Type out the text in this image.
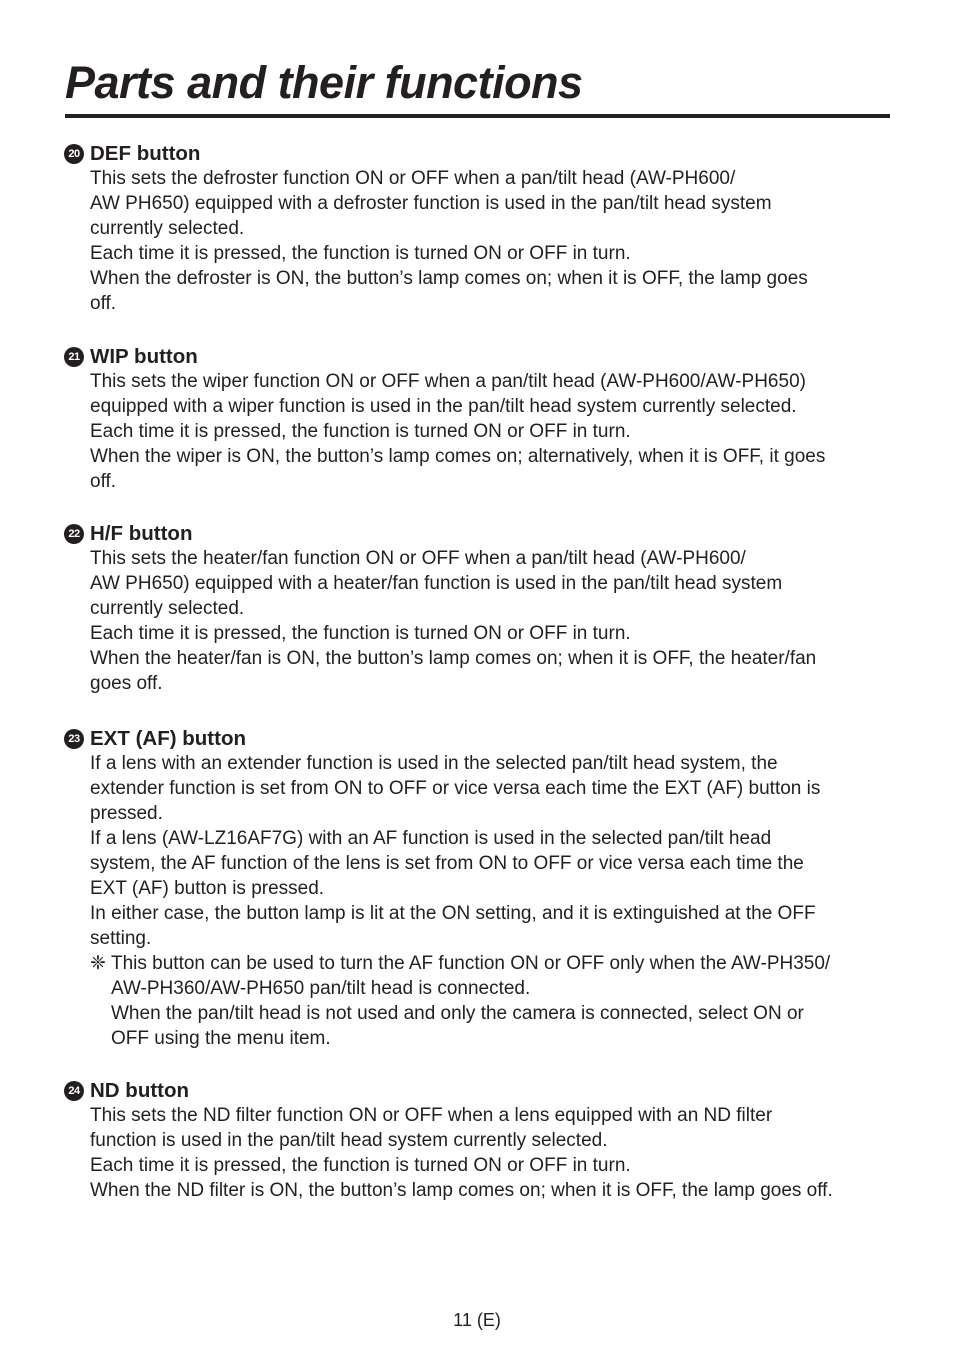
Parts and their functions
20 DEF button

This sets the defroster function ON or OFF when a pan/tilt head (AW-PH600/

AW PH650) equipped with a defroster function is used in the pan/tilt head system

currently selected.

Each time it is pressed, the function is turned ON or OFF in turn.

When the defroster is ON, the button’s lamp comes on; when it is OFF, the lamp goes

off.

21 WIP button

This sets the wiper function ON or OFF when a pan/tilt head (AW-PH600/AW-PH650)

equipped with a wiper function is used in the pan/tilt head system currently selected.

Each time it is pressed, the function is turned ON or OFF in turn.

When the wiper is ON, the button’s lamp comes on; alternatively, when it is OFF, it goes

off.

22 H/F button

This sets the heater/fan function ON or OFF when a pan/tilt head (AW-PH600/

AW PH650) equipped with a heater/fan function is used in the pan/tilt head system

currently selected.

Each time it is pressed, the function is turned ON or OFF in turn.

When the heater/fan is ON, the button’s lamp comes on; when it is OFF, the heater/fan

goes off.

23 EXT (AF) button

If a lens with an extender function is used in the selected pan/tilt head system, the

extender function is set from ON to OFF or vice versa each time the EXT (AF) button is

pressed.

If a lens (AW-LZ16AF7G) with an AF function is used in the selected pan/tilt head

system, the AF function of the lens is set from ON to OFF or vice versa each time the

EXT (AF) button is pressed.

In either case, the button lamp is lit at the ON setting, and it is extinguished at the OFF

setting.

❈ This button can be used to turn the AF function ON or OFF only when the AW-PH350/

AW-PH360/AW-PH650 pan/tilt head is connected.

When the pan/tilt head is not used and only the camera is connected, select ON or

OFF using the menu item.

24 ND button

This sets the ND filter function ON or OFF when a lens equipped with an ND filter

function is used in the pan/tilt head system currently selected.

Each time it is pressed, the function is turned ON or OFF in turn.

When the ND filter is ON, the button’s lamp comes on; when it is OFF, the lamp goes off.

11 (E)
